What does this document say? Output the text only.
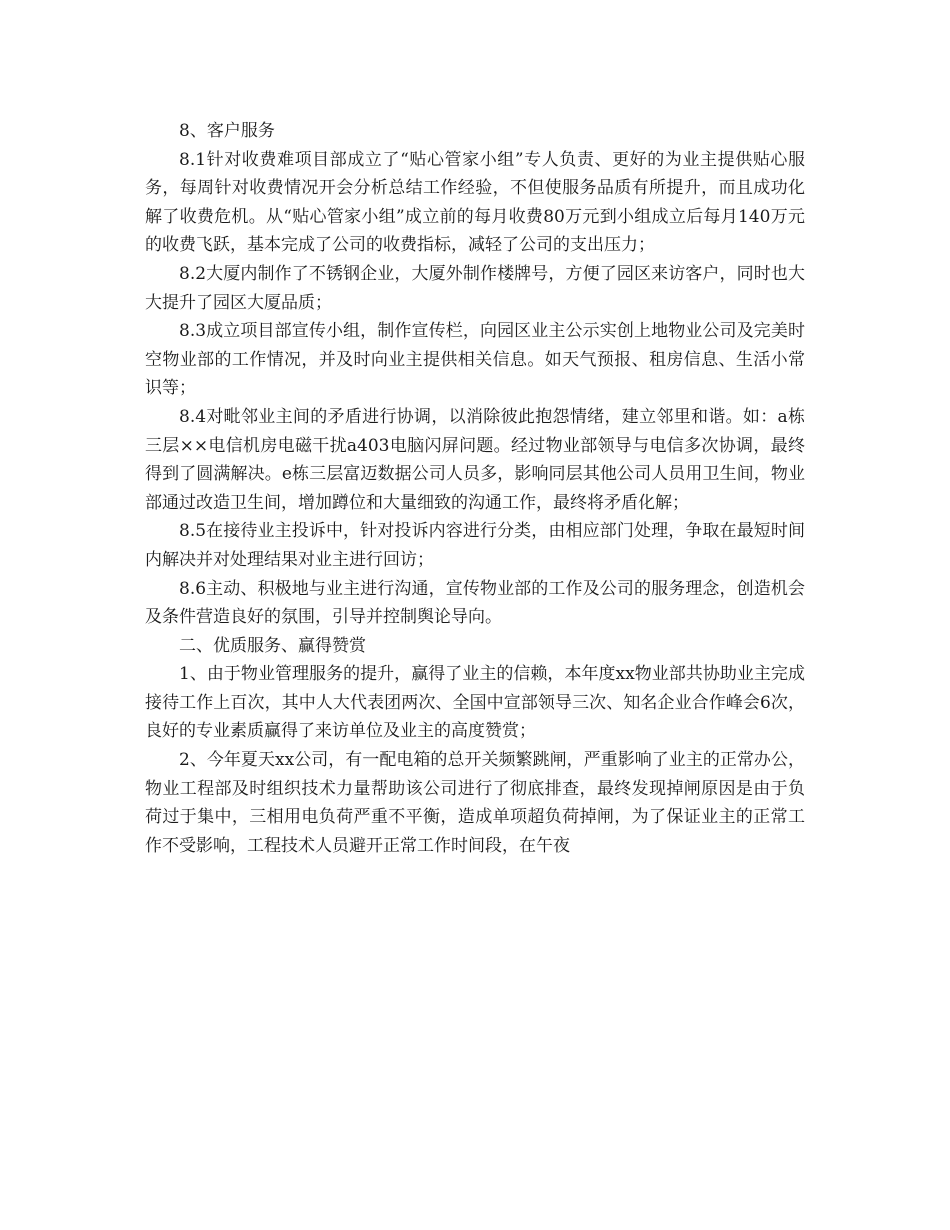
8、客户服务

8.1针对收费难项目部成立了“贴心管家小组”专人负责、更好的为业主提供贴心服务，每周针对收费情况开会分析总结工作经验，不但使服务品质有所提升，而且成功化解了收费危机。从“贴心管家小组”成立前的每月收费80万元到小组成立后每月140万元的收费飞跃，基本完成了公司的收费指标，减轻了公司的支出压力；

8.2大厦内制作了不锈钢企业，大厦外制作楼牌号，方便了园区来访客户，同时也大大提升了园区大厦品质；

8.3成立项目部宣传小组，制作宣传栏，向园区业主公示实创上地物业公司及完美时空物业部的工作情况，并及时向业主提供相关信息。如天气预报、租房信息、生活小常识等；

8.4对毗邻业主间的矛盾进行协调，以消除彼此抱怨情绪，建立邻里和谐。如：a栋三层××电信机房电磁干扰a403电脑闪屏问题。经过物业部领导与电信多次协调，最终得到了圆满解决。e栋三层富迈数据公司人员多，影响同层其他公司人员用卫生间，物业部通过改造卫生间，增加蹲位和大量细致的沟通工作，最终将矛盾化解；

8.5在接待业主投诉中，针对投诉内容进行分类，由相应部门处理，争取在最短时间内解决并对处理结果对业主进行回访；

8.6主动、积极地与业主进行沟通，宣传物业部的工作及公司的服务理念，创造机会及条件营造良好的氛围，引导并控制舆论导向。

二、优质服务、赢得赞赏

1、由于物业管理服务的提升，赢得了业主的信赖，本年度xx物业部共协助业主完成接待工作上百次，其中人大代表团两次、全国中宣部领导三次、知名企业合作峰会6次，良好的专业素质赢得了来访单位及业主的高度赞赏；

2、今年夏天xx公司，有一配电箱的总开关频繁跳闸，严重影响了业主的正常办公，物业工程部及时组织技术力量帮助该公司进行了彻底排查，最终发现掉闸原因是由于负荷过于集中，三相用电负荷严重不平衡，造成单项超负荷掉闸，为了保证业主的正常工作不受影响，工程技术人员避开正常工作时间段，在午夜
